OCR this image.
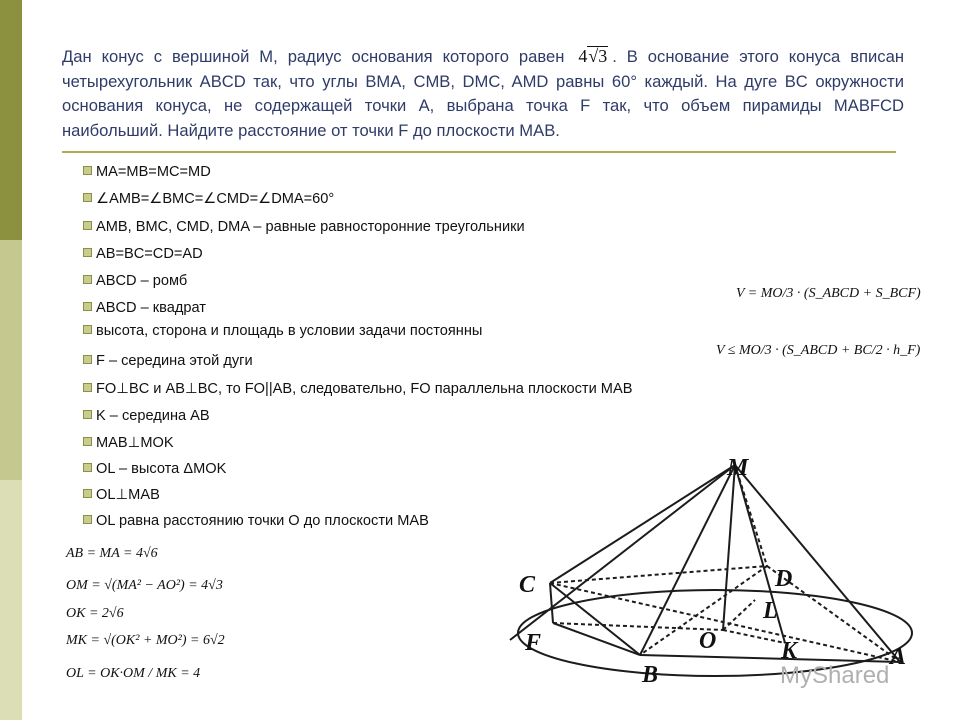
Дан конус с вершиной M, радиус основания которого равен 4√3 . В основание этого конуса вписан четырехугольник ABCD так, что углы BMA, CMB, DMC, AMD равны 60° каждый. На дуге BC окружности основания конуса, не содержащей точки A, выбрана точка F так, что объем пирамиды MABFCD наибольший. Найдите расстояние от точки F до плоскости MAB.
MA=MB=MC=MD
∠AMB=∠BMC=∠CMD=∠DMA=60°
AMB, BMC, CMD, DMA – равные равносторонние треугольники
AB=BC=CD=AD
ABCD – ромб
ABCD – квадрат
высота, сторона и площадь в условии задачи постоянны
F – середина этой дуги
FO⊥BC и AB⊥BC, то FO||AB, следовательно, FO параллельна плоскости MAB
K – середина AB
MAB⊥MOK
OL – высота ΔMOK
OL⊥MAB
OL равна расстоянию точки O до плоскости MAB
V = MO/3 · (S_ABCD + S_BCF)
V ≤ MO/3 · (S_ABCD + BC/2 · h_F)
AB = MA = 4√6
OM = √(MA² − AO²) = 4√3
OK = 2√6
MK = √(OK² + MO²) = 6√2
OL = OK·OM / MK = 4
M
C	D
O
L
F
B
K	A
MyShared
